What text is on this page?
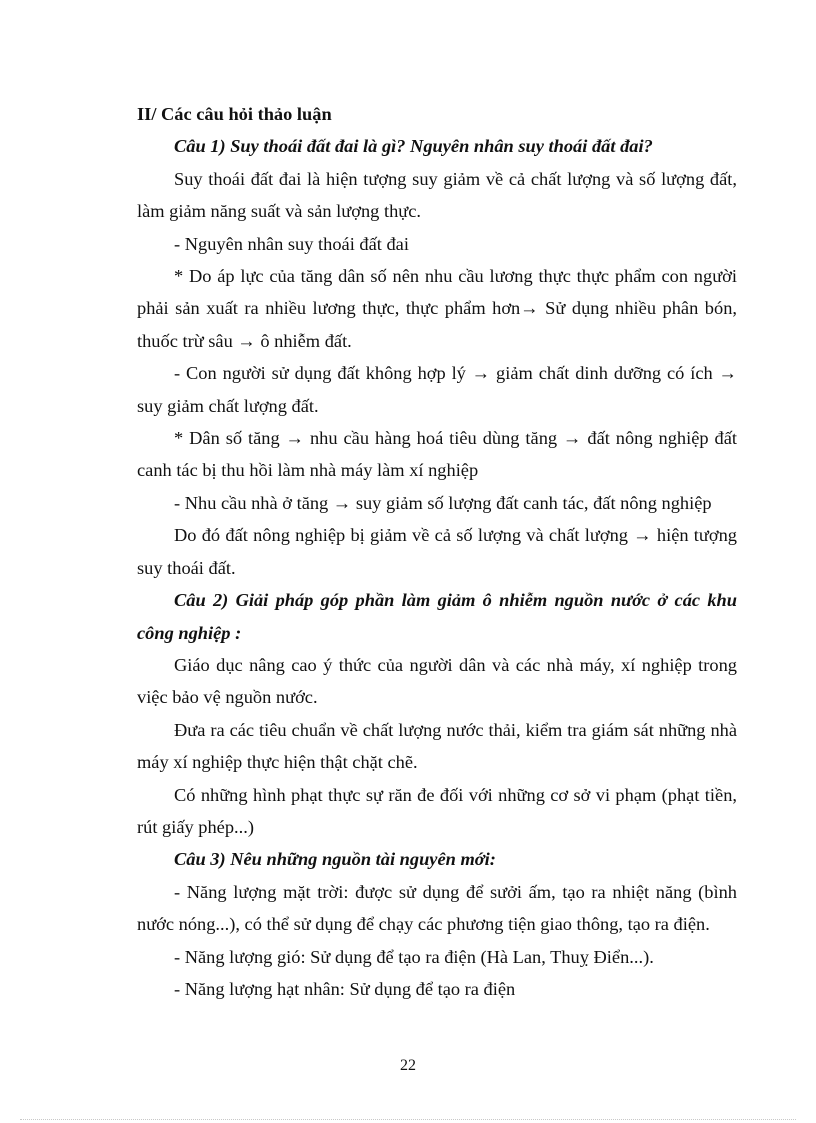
II/ Các câu hỏi thảo luận

Câu 1) Suy thoái đất đai là gì? Nguyên nhân suy thoái đất đai?

Suy thoái đất đai là hiện tượng suy giảm về cả chất lượng và số lượng đất, làm giảm năng suất và sản lượng thực.

- Nguyên nhân suy thoái đất đai

* Do áp lực của tăng dân số nên nhu cầu lương thực thực phẩm con người phải sản xuất ra nhiều lương thực, thực phẩm hơn→ Sử dụng nhiều phân bón, thuốc trừ sâu → ô nhiễm đất.

- Con người sử dụng đất không hợp lý → giảm chất dinh dưỡng có ích → suy giảm chất lượng đất.

* Dân số tăng → nhu cầu hàng hoá tiêu dùng tăng → đất nông nghiệp đất canh tác bị thu hồi làm nhà máy làm xí nghiệp

- Nhu cầu nhà ở tăng → suy giảm số lượng đất canh tác, đất nông nghiệp

Do đó đất nông nghiệp bị giảm về cả số lượng và chất lượng → hiện tượng suy thoái đất.

Câu 2) Giải pháp góp phần làm giảm ô nhiễm nguồn nước ở các khu công nghiệp :

Giáo dục nâng cao ý thức của người dân và các nhà máy, xí nghiệp trong việc bảo vệ nguồn nước.

Đưa ra các tiêu chuẩn về chất lượng nước thải, kiểm tra giám sát những nhà máy xí nghiệp thực hiện thật chặt chẽ.

Có những hình phạt thực sự răn đe đối với những cơ sở vi phạm (phạt tiền, rút giấy phép...)

Câu 3) Nêu những nguồn tài nguyên mới:

- Năng lượng mặt trời: được sử dụng để sưởi ấm, tạo ra nhiệt năng (bình nước nóng...), có thể sử dụng để chạy các phương tiện giao thông, tạo ra điện.

- Năng lượng gió: Sử dụng để tạo ra điện (Hà Lan, Thuỵ Điển...).

- Năng lượng hạt nhân: Sử dụng để tạo ra điện

22
